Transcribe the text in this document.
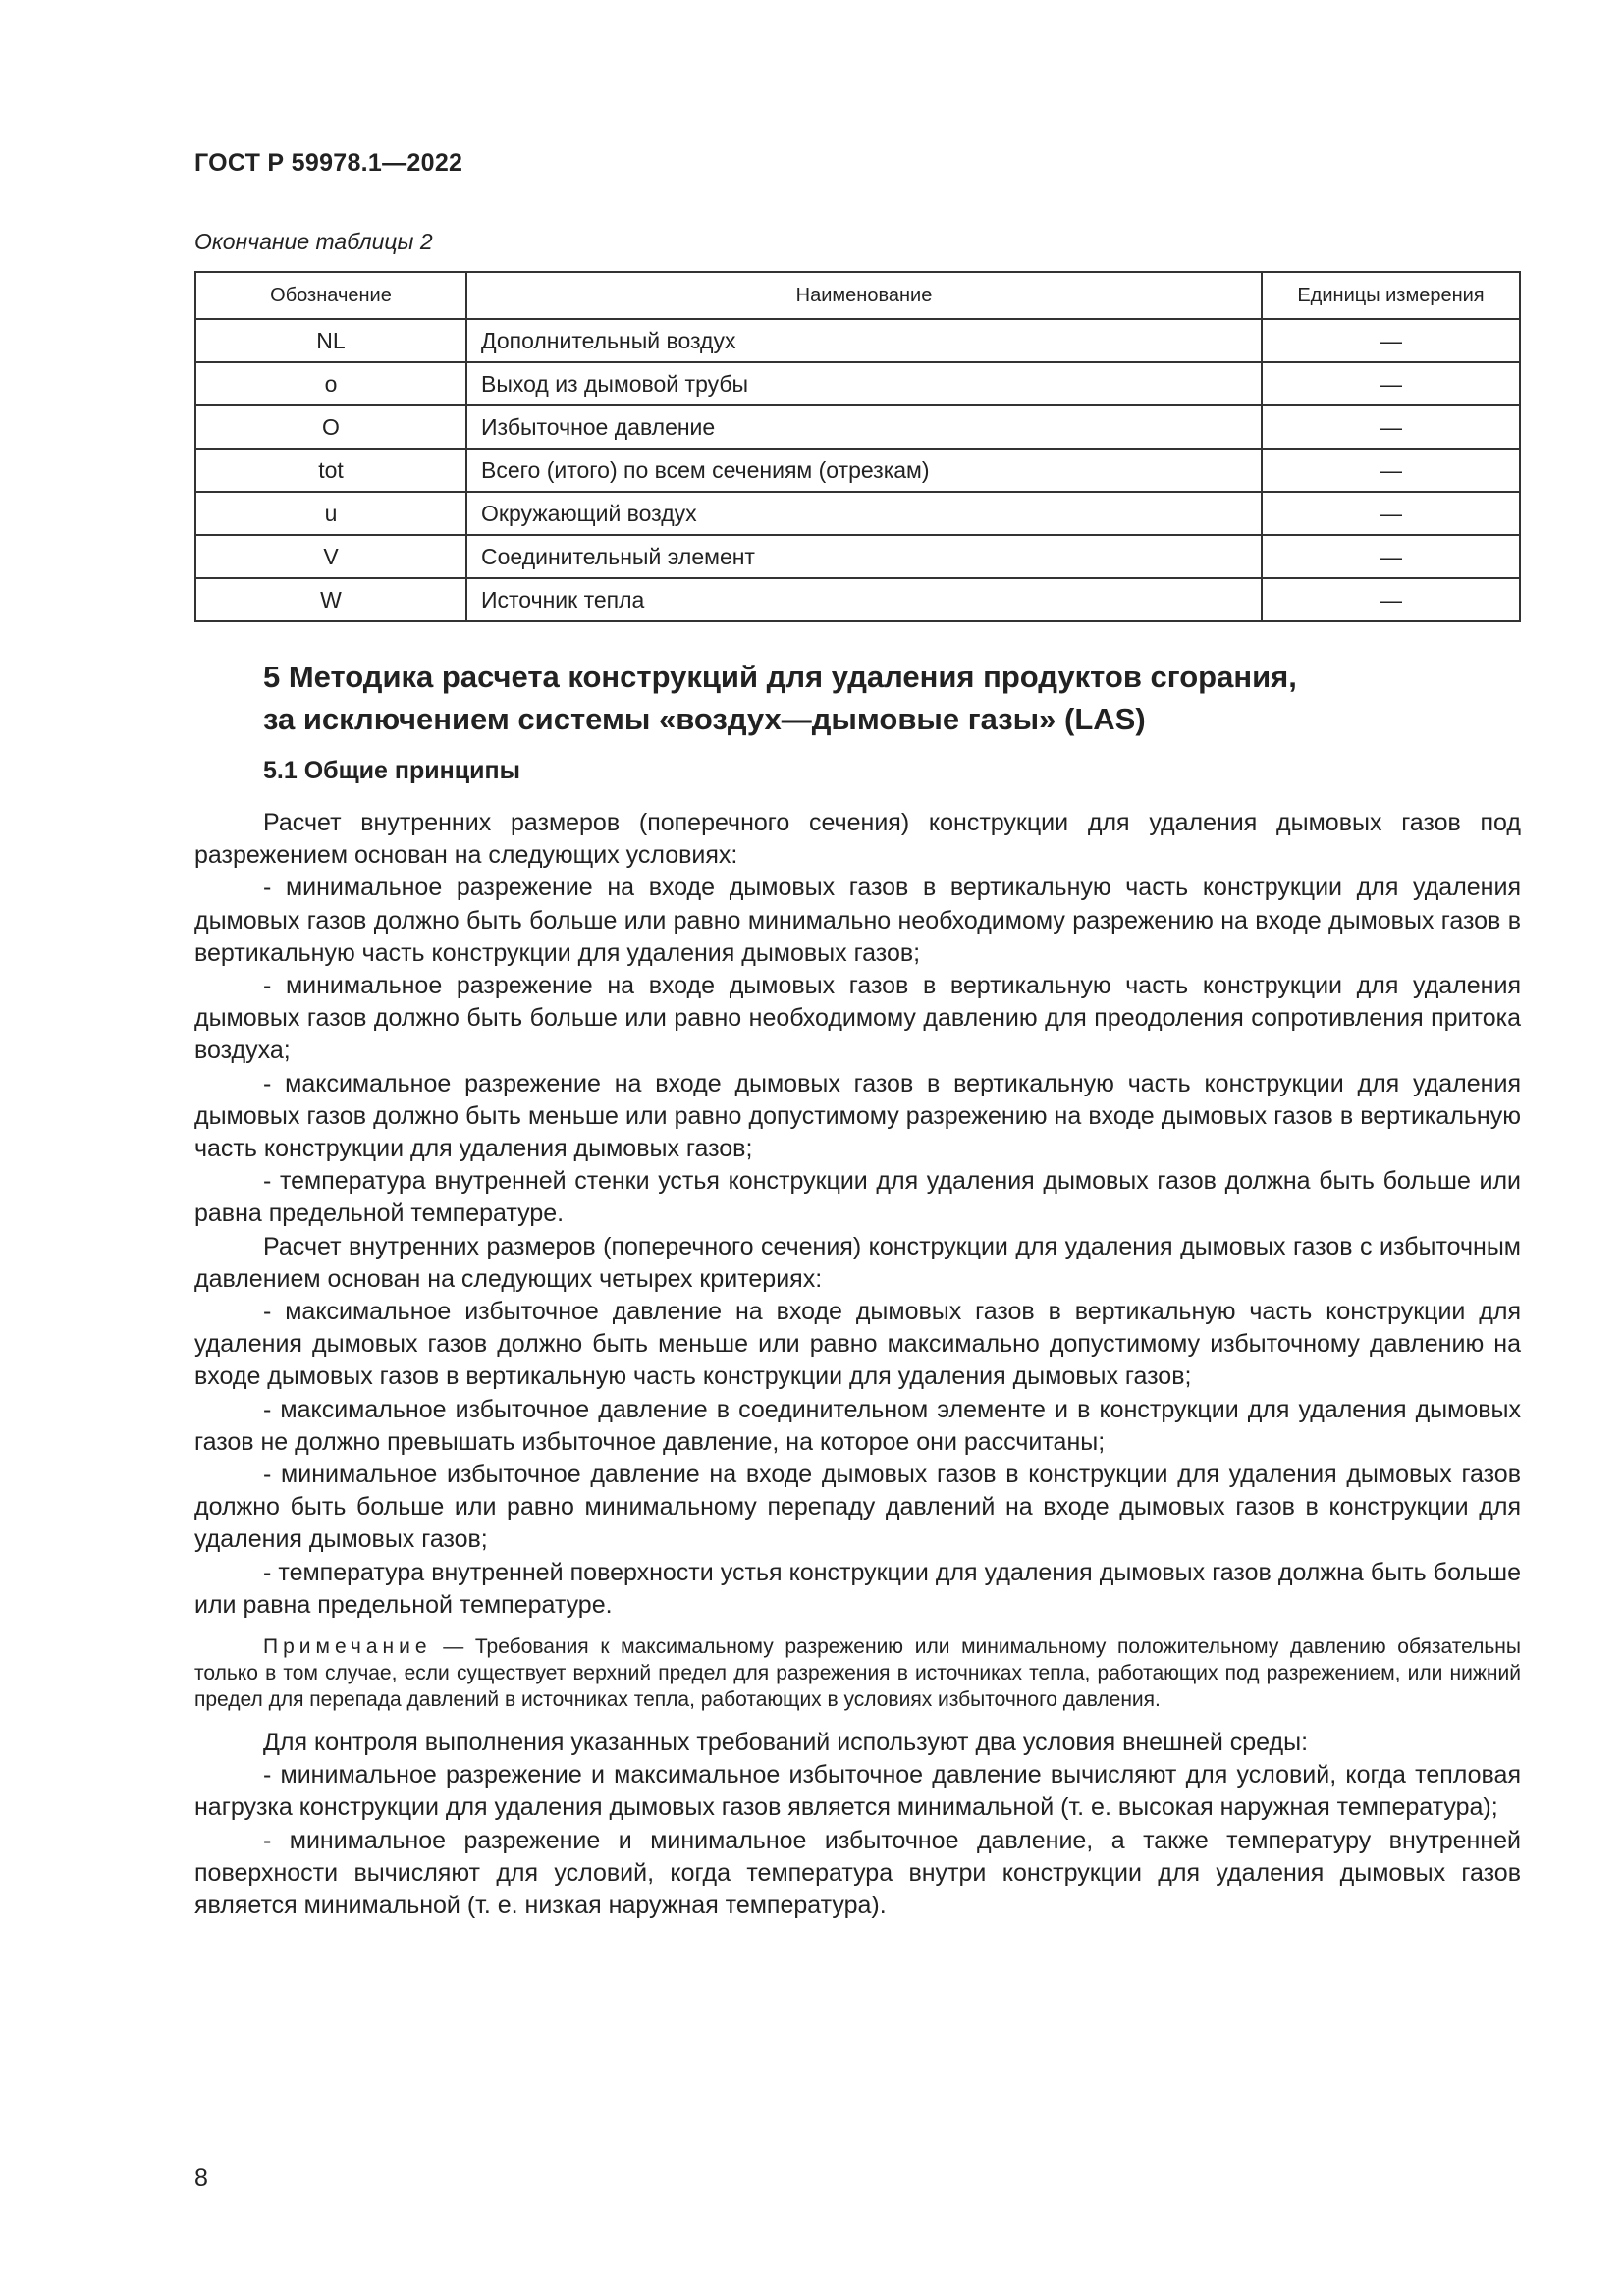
ГОСТ Р 59978.1—2022
Окончание таблицы 2
Обозначение	Наименование	Единицы измерения
NL	Дополнительный воздух	—
o	Выход из дымовой трубы	—
O	Избыточное давление	—
tot	Всего (итого) по всем сечениям (отрезкам)	—
u	Окружающий воздух	—
V	Соединительный элемент	—
W	Источник тепла	—
5 Методика расчета конструкций для удаления продуктов сгорания,
за исключением системы «воздух—дымовые газы» (LAS)
5.1 Общие принципы

Расчет внутренних размеров (поперечного сечения) конструкции для удаления дымовых газов под разрежением основан на следующих условиях:

- минимальное разрежение на входе дымовых газов в вертикальную часть конструкции для удаления дымовых газов должно быть больше или равно минимально необходимому разрежению на входе дымовых газов в вертикальную часть конструкции для удаления дымовых газов;

- минимальное разрежение на входе дымовых газов в вертикальную часть конструкции для удаления дымовых газов должно быть больше или равно необходимому давлению для преодоления сопротивления притока воздуха;

- максимальное разрежение на входе дымовых газов в вертикальную часть конструкции для удаления дымовых газов должно быть меньше или равно допустимому разрежению на входе дымовых газов в вертикальную часть конструкции для удаления дымовых газов;

- температура внутренней стенки устья конструкции для удаления дымовых газов должна быть больше или равна предельной температуре.

Расчет внутренних размеров (поперечного сечения) конструкции для удаления дымовых газов с избыточным давлением основан на следующих четырех критериях:

- максимальное избыточное давление на входе дымовых газов в вертикальную часть конструкции для удаления дымовых газов должно быть меньше или равно максимально допустимому избыточному давлению на входе дымовых газов в вертикальную часть конструкции для удаления дымовых газов;

- максимальное избыточное давление в соединительном элементе и в конструкции для удаления дымовых газов не должно превышать избыточное давление, на которое они рассчитаны;

- минимальное избыточное давление на входе дымовых газов в конструкции для удаления дымовых газов должно быть больше или равно минимальному перепаду давлений на входе дымовых газов в конструкции для удаления дымовых газов;

- температура внутренней поверхности устья конструкции для удаления дымовых газов должна быть больше или равна предельной температуре.

Примечание — Требования к максимальному разрежению или минимальному положительному давлению обязательны только в том случае, если существует верхний предел для разрежения в источниках тепла, работающих под разрежением, или нижний предел для перепада давлений в источниках тепла, работающих в условиях избыточного давления.

Для контроля выполнения указанных требований используют два условия внешней среды:

- минимальное разрежение и максимальное избыточное давление вычисляют для условий, когда тепловая нагрузка конструкции для удаления дымовых газов является минимальной (т. е. высокая наружная температура);

- минимальное разрежение и минимальное избыточное давление, а также температуру внутренней поверхности вычисляют для условий, когда температура внутри конструкции для удаления дымовых газов является минимальной (т. е. низкая наружная температура).

8
